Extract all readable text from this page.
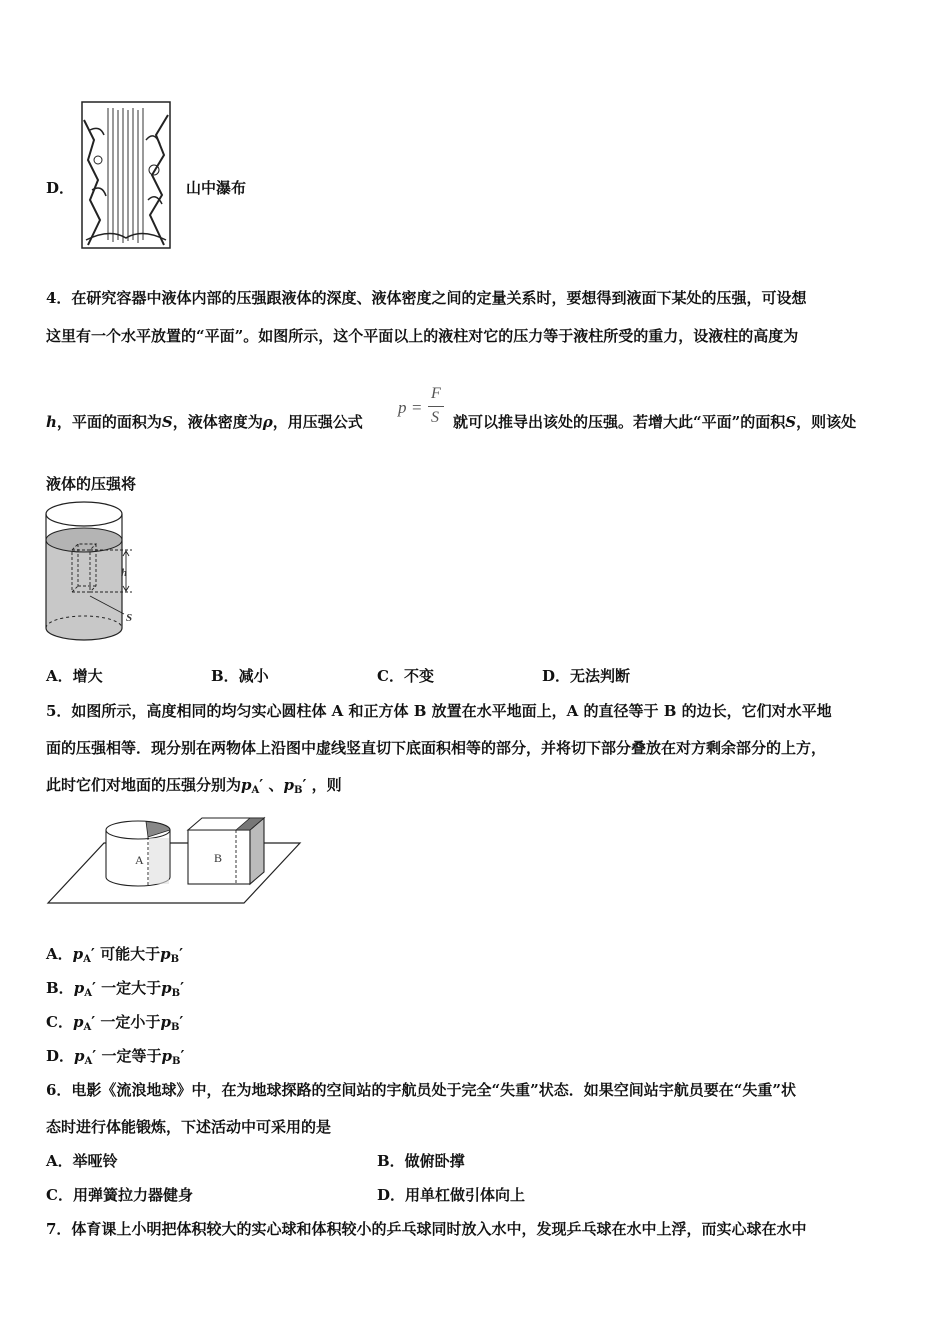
D．	山中瀑布
4．在研究容器中液体内部的压强跟液体的深度、液体密度之间的定量关系时，要想得到液面下某处的压强，可设想
这里有一个水平放置的“平面”。如图所示，这个平面以上的液柱对它的压力等于液柱所受的重力，设液柱的高度为
h，平面的面积为S，液体密度为ρ，用压强公式
p =
F
S 就可以推导出该处的压强。若增大此“平面”的面积S，则该处
液体的压强将
h
S
A．增大	B．减小	C．不变	D．无法判断
5．如图所示，高度相同的均匀实心圆柱体 A 和正方体 B 放置在水平地面上，A 的直径等于 B 的边长，它们对水平地
面的压强相等．现分别在两物体上沿图中虚线竖直切下底面积相等的部分，并将切下部分叠放在对方剩余部分的上方，
此时它们对地面的压强分别为$p_A'$ 、$p_B'$ ，则
A	B
A．$p_A'$ 可能大于$p_B'$
B．$p_A'$ 一定大于$p_B'$
C．$p_A'$ 一定小于$p_B'$
D．$p_A'$ 一定等于$p_B'$
6．电影《流浪地球》中，在为地球探路的空间站的宇航员处于完全“失重”状态．如果空间站宇航员要在“失重”状
态时进行体能锻炼，下述活动中可采用的是
A．举哑铃	B．做俯卧撑
C．用弹簧拉力器健身	D．用单杠做引体向上
7．体育课上小明把体积较大的实心球和体积较小的乒乓球同时放入水中，发现乒乓球在水中上浮，而实心球在水中
